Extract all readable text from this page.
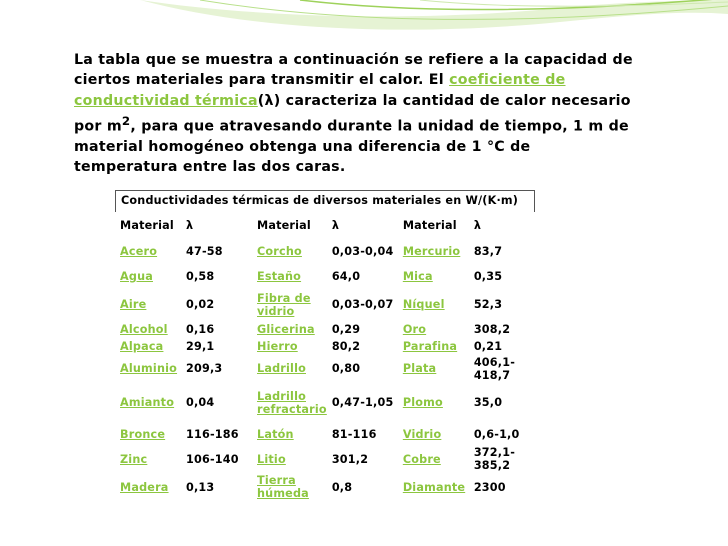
La tabla que se muestra a continuación se refiere a la capacidad de ciertos materiales para transmitir el calor. El coeficiente de conductividad térmica(λ) caracteriza la cantidad de calor necesario por $m^2$, para que atravesando durante la unidad de tiempo, 1 m de material homogéneo obtenga una diferencia de 1 °C de temperatura entre las dos caras.
Conductividades térmicas de diversos materiales en W/(K·m)
Material	λ	Material	λ	Material	λ
Acero	47-58	Corcho	0,03-0,04	Mercurio	83,7
Agua	0,58	Estaño	64,0	Mica	0,35
Aire	0,02	Fibra de vidrio	0,03-0,07	Níquel	52,3
Alcohol	0,16	Glicerina	0,29	Oro	308,2
Alpaca	29,1	Hierro	80,2	Parafina	0,21
Aluminio	209,3	Ladrillo	0,80	Plata	406,1-418,7
Amianto	0,04	Ladrillo refractario	0,47-1,05	Plomo	35,0
Bronce	116-186	Latón	81-116	Vidrio	0,6-1,0
Zinc	106-140	Litio	301,2	Cobre	372,1-385,2
Madera	0,13	Tierra húmeda	0,8	Diamante	2300
